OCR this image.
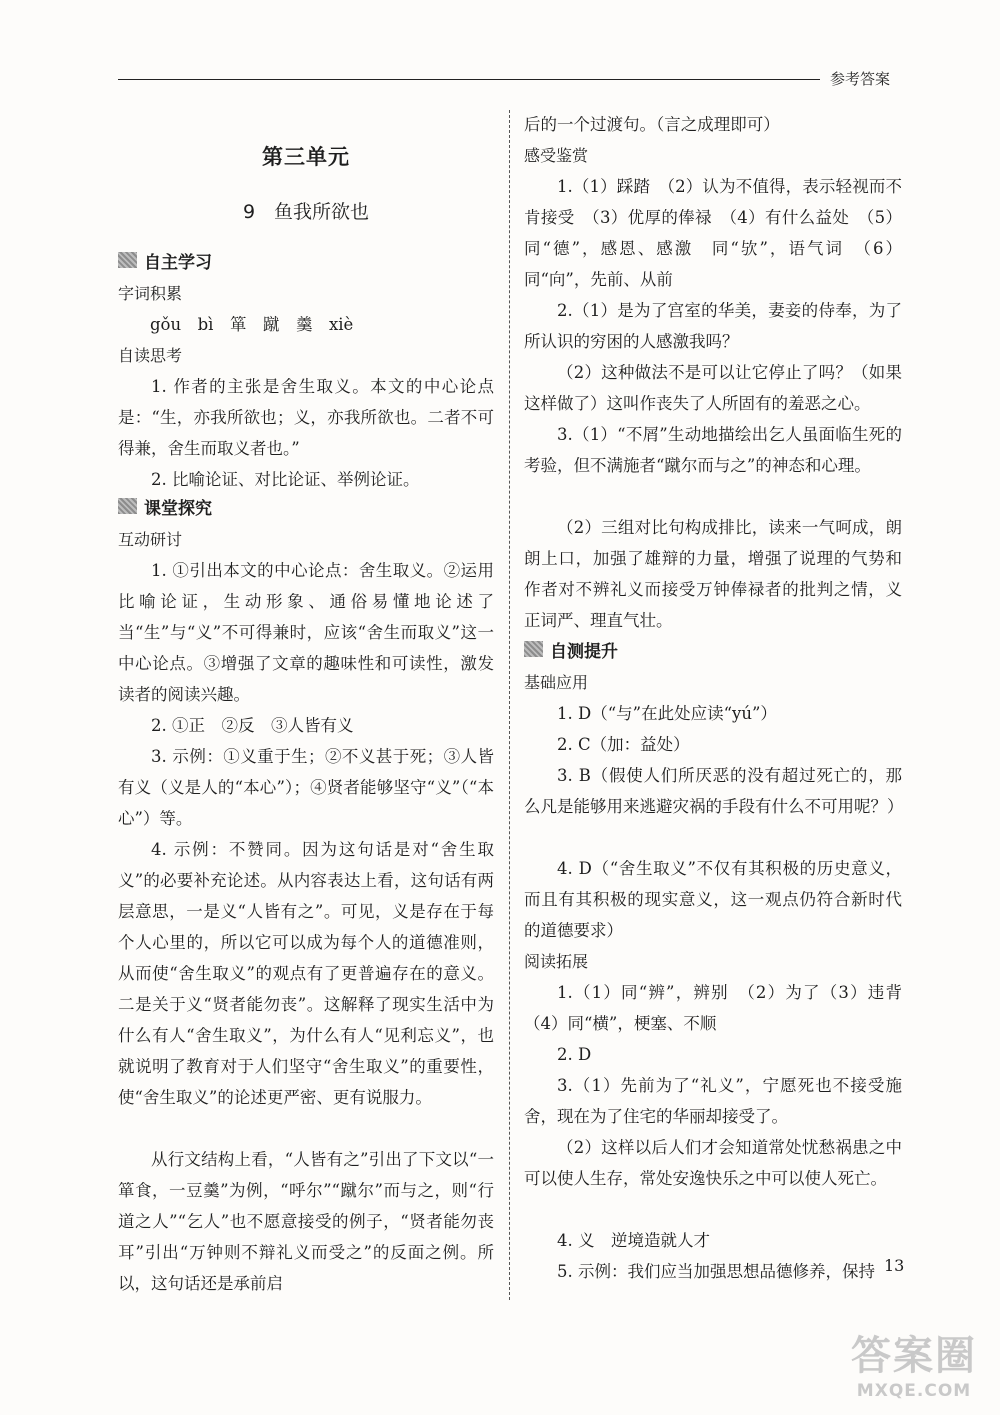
参考答案
第三单元
9　鱼我所欲也
自主学习

字词积累

gǒu　bì　箪　蹴　羹　xiè

自读思考

1. 作者的主张是舍生取义。本文的中心论点是：“生，亦我所欲也；义，亦我所欲也。二者不可得兼，舍生而取义者也。”

2. 比喻论证、对比论证、举例论证。

课堂探究

互动研讨

1. ①引出本文的中心论点：舍生取义。②运用比喻论证，生动形象、通俗易懂地论述了当“生”与“义”不可得兼时，应该“舍生而取义”这一中心论点。③增强了文章的趣味性和可读性，激发读者的阅读兴趣。

2. ①正　②反　③人皆有义

3. 示例：①义重于生；②不义甚于死；③人皆有义（义是人的“本心”）；④贤者能够坚守“义”（“本心”）等。

4. 示例：不赞同。因为这句话是对“舍生取义”的必要补充论述。从内容表达上看，这句话有两层意思，一是义“人皆有之”。可见，义是存在于每个人心里的，所以它可以成为每个人的道德准则，从而使“舍生取义”的观点有了更普遍存在的意义。二是关于义“贤者能勿丧”。这解释了现实生活中为什么有人“舍生取义”，为什么有人“见利忘义”，也就说明了教育对于人们坚守“舍生取义”的重要性，使“舍生取义”的论述更严密、更有说服力。

从行文结构上看，“人皆有之”引出了下文以“一箪食，一豆羹”为例，“呼尔”“蹴尔”而与之，则“行道之人”“乞人”也不愿意接受的例子，“贤者能勿丧耳”引出“万钟则不辩礼义而受之”的反面之例。所以，这句话还是承前启

后的一个过渡句。（言之成理即可）

感受鉴赏

1.（1）踩踏　（2）认为不值得，表示轻视而不肯接受　（3）优厚的俸禄　（4）有什么益处　（5）同“德”，感恩、感激　同“欤”，语气词　（6）同“向”，先前、从前

2.（1）是为了宫室的华美，妻妾的侍奉，为了所认识的穷困的人感激我吗？

（2）这种做法不是可以让它停止了吗？（如果这样做了）这叫作丧失了人所固有的羞恶之心。

3.（1）“不屑”生动地描绘出乞人虽面临生死的考验，但不满施者“蹴尔而与之”的神态和心理。

（2）三组对比句构成排比，读来一气呵成，朗朗上口，加强了雄辩的力量，增强了说理的气势和作者对不辨礼义而接受万钟俸禄者的批判之情，义正词严、理直气壮。

自测提升

基础应用

1. D（“与”在此处应读“yú”）

2. C（加：益处）

3. B（假使人们所厌恶的没有超过死亡的，那么凡是能够用来逃避灾祸的手段有什么不可用呢？）

4. D（“舍生取义”不仅有其积极的历史意义，而且有其积极的现实意义，这一观点仍符合新时代的道德要求）

阅读拓展

1.（1）同“辨”，辨别　（2）为了（3）违背　（4）同“横”，梗塞、不顺

2. D

3.（1）先前为了“礼义”，宁愿死也不接受施舍，现在为了住宅的华丽却接受了。

（2）这样以后人们才会知道常处忧愁祸患之中可以使人生存，常处安逸快乐之中可以使人死亡。

4. 义　逆境造就人才

5. 示例：我们应当加强思想品德修养，保持 13
答案圈
MXQE.COM
